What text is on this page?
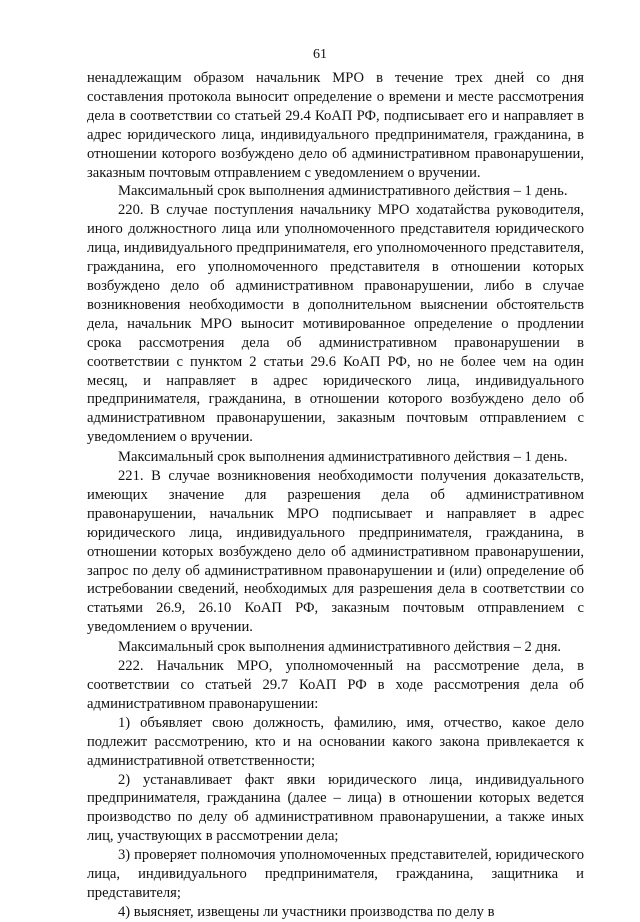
61

ненадлежащим образом начальник МРО в течение трех дней со дня составления протокола выносит определение о времени и месте рассмотрения дела в соответствии со статьей 29.4 КоАП РФ, подписывает его и направляет в адрес юридического лица, индивидуального предпринимателя, гражданина, в отношении которого возбуждено дело об административном правонарушении, заказным почтовым отправлением с уведомлением о вручении.

Максимальный срок выполнения административного действия – 1 день.

220. В случае поступления начальнику МРО ходатайства руководителя, иного должностного лица или уполномоченного представителя юридического лица, индивидуального предпринимателя, его уполномоченного представителя, гражданина, его уполномоченного представителя в отношении которых возбуждено дело об административном правонарушении, либо в случае возникновения необходимости в дополнительном выяснении обстоятельств дела, начальник МРО выносит мотивированное определение о продлении срока рассмотрения дела об административном правонарушении в соответствии с пунктом 2 статьи 29.6 КоАП РФ, но не более чем на один месяц, и направляет в адрес юридического лица, индивидуального предпринимателя, гражданина, в отношении которого возбуждено дело об административном правонарушении, заказным почтовым отправлением с уведомлением о вручении.

Максимальный срок выполнения административного действия – 1 день.

221. В случае возникновения необходимости получения доказательств, имеющих значение для разрешения дела об административном правонарушении, начальник МРО подписывает и направляет в адрес юридического лица, индивидуального предпринимателя, гражданина, в отношении которых возбуждено дело об административном правонарушении, запрос по делу об административном правонарушении и (или) определение об истребовании сведений, необходимых для разрешения дела в соответствии со статьями 26.9, 26.10 КоАП РФ, заказным почтовым отправлением с уведомлением о вручении.

Максимальный срок выполнения административного действия – 2 дня.

222. Начальник МРО, уполномоченный на рассмотрение дела, в соответствии со статьей 29.7 КоАП РФ в ходе рассмотрения дела об административном правонарушении:

1) объявляет свою должность, фамилию, имя, отчество, какое дело подлежит рассмотрению, кто и на основании какого закона привлекается к административной ответственности;

2) устанавливает факт явки юридического лица, индивидуального предпринимателя, гражданина (далее – лица) в отношении которых ведется производство по делу об административном правонарушении, а также иных лиц, участвующих в рассмотрении дела;

3) проверяет полномочия уполномоченных представителей, юридического лица, индивидуального предпринимателя, гражданина, защитника и представителя;

4) выясняет, извещены ли участники производства по делу в
